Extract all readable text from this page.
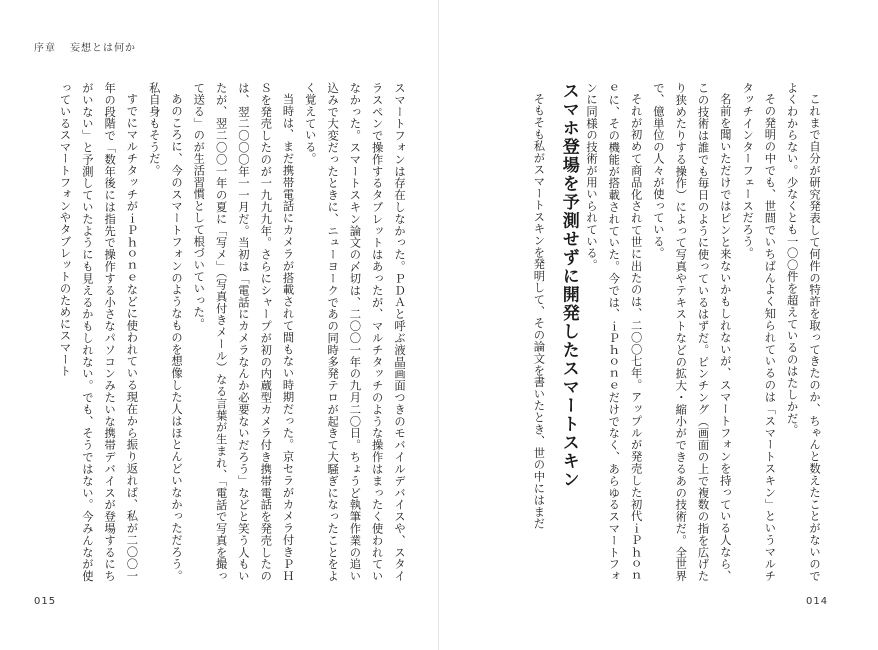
序章 妄想とは何か

これまで自分が研究発表して何件の特許を取ってきたのか、ちゃんと数えたことがないのでよくわからない。少なくとも一〇〇件を超えているのはたしかだ。

その発明の中でも、世間でいちばんよく知られているのは「スマートスキン」というマルチタッチインターフェースだろう。

名前を聞いただけではピンと来ないかもしれないが、スマートフォンを持っている人なら、この技術は誰でも毎日のように使っているはずだ。ピンチング（画面の上で複数の指を広げたり狭めたりする操作）によって写真やテキストなどの拡大・縮小ができるあの技術だ。全世界で、億単位の人々が使っている。

それが初めて商品化されて世に出たのは、二〇〇七年。アップルが発売した初代ｉＰｈｏｎｅに、その機能が搭載されていた。今では、ｉＰｈｏｎｅだけでなく、あらゆるスマートフォンに同様の技術が用いられている。

スマホ登場を予測せずに開発したスマートスキン

そもそも私がスマートスキンを発明して、その論文を書いたとき、世の中にはまだ

スマートフォンは存在しなかった。ＰＤＡと呼ぶ液晶画面つきのモバイルデバイスや、スタイラスペンで操作するタブレットはあったが、マルチタッチのような操作はまったく使われていなかった。スマートスキン論文の〆切は、二〇〇一年の九月二〇日。ちょうど執筆作業の追い込みで大変だったときに、ニューヨークであの同時多発テロが起きて大騒ぎになったことをよく覚えている。

当時は、まだ携帯電話にカメラが搭載されて間もない時期だった。京セラがカメラ付きＰＨＳを発売したのが一九九九年。さらにシャープが初の内蔵型カメラ付き携帯電話を発売したのは、翌二〇〇〇年一一月だ。当初は「電話にカメラなんか必要ないだろう」などと笑う人もいたが、翌二〇〇一年の夏に「写メ」（写真付きメール）なる言葉が生まれ、「電話で写真を撮って送る」のが生活習慣として根づいていった。

あのころに、今のスマートフォンのようなものを想像した人はほとんどいなかっただろう。私自身もそうだ。

すでにマルチタッチがｉＰｈｏｎｅなどに使われている現在から振り返れば、私が二〇〇一年の段階で「数年後には指先で操作する小さなパソコンみたいな携帯デバイスが登場するにちがいない」と予測していたようにも見えるかもしれない。でも、そうではない。今みんなが使っているスマートフォンやタブレットのためにスマート

015	014
